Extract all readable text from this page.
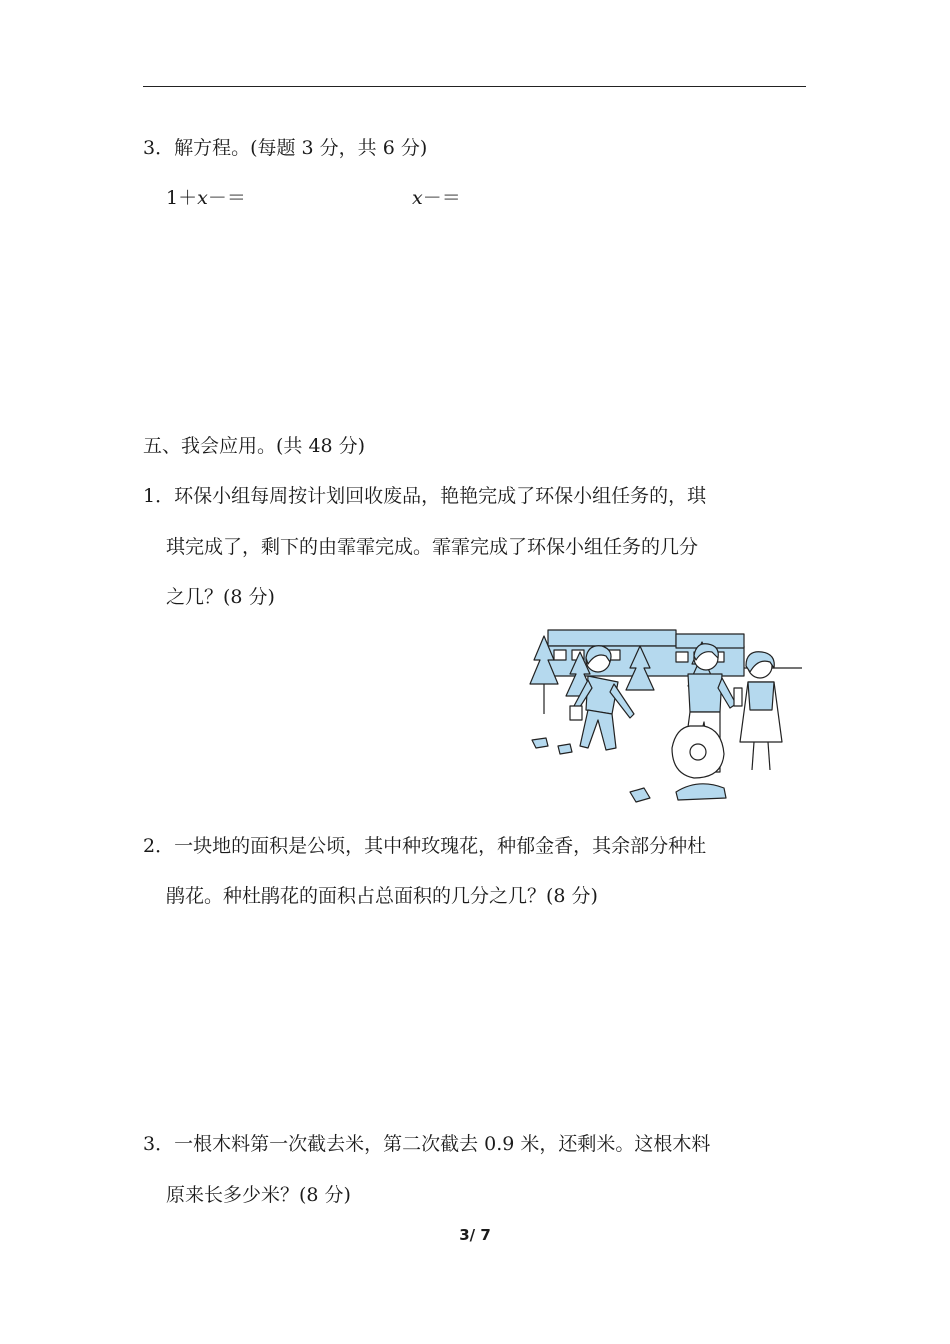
3．解方程。(每题 3 分，共 6 分)
1＋x－＝	x－＝
五、我会应用。(共 48 分)
1．环保小组每周按计划回收废品，艳艳完成了环保小组任务的，琪
琪完成了，剩下的由霏霏完成。霏霏完成了环保小组任务的几分
之几？(8 分)
2．一块地的面积是公顷，其中种玫瑰花，种郁金香，其余部分种杜
鹃花。种杜鹃花的面积占总面积的几分之几？(8 分)
3．一根木料第一次截去米，第二次截去 0.9 米，还剩米。这根木料
原来长多少米？(8 分)
3/ 7
